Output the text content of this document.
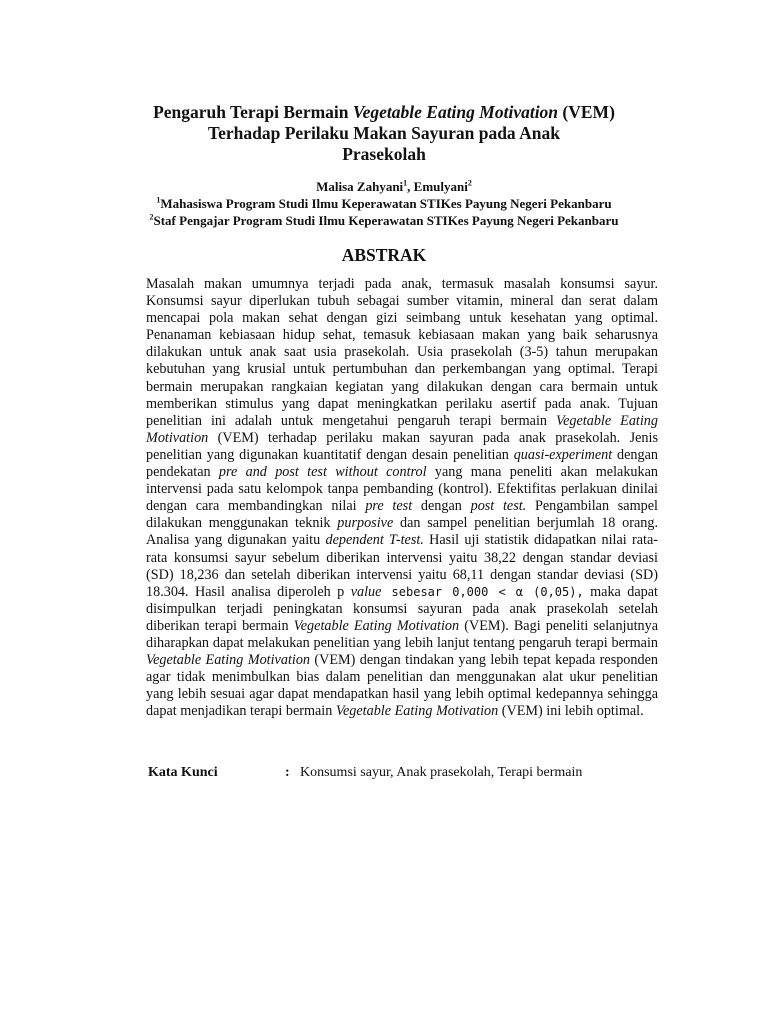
Pengaruh Terapi Bermain Vegetable Eating Motivation (VEM)
Terhadap Perilaku Makan Sayuran pada Anak
Prasekolah
Malisa Zahyani$^1$, Emulyani$^2$
$^1$Mahasiswa Program Studi Ilmu Keperawatan STIKes Payung Negeri Pekanbaru
$^2$Staf Pengajar Program Studi Ilmu Keperawatan STIKes Payung Negeri Pekanbaru
ABSTRAK

Masalah makan umumnya terjadi pada anak, termasuk masalah konsumsi sayur. Konsumsi sayur diperlukan tubuh sebagai sumber vitamin, mineral dan serat dalam mencapai pola makan sehat dengan gizi seimbang untuk kesehatan yang optimal. Penanaman kebiasaan hidup sehat, temasuk kebiasaan makan yang baik seharusnya dilakukan untuk anak saat usia prasekolah. Usia prasekolah (3-5) tahun merupakan kebutuhan yang krusial untuk pertumbuhan dan perkembangan yang optimal. Terapi bermain merupakan rangkaian kegiatan yang dilakukan dengan cara bermain untuk memberikan stimulus yang dapat meningkatkan perilaku asertif pada anak. Tujuan penelitian ini adalah untuk mengetahui pengaruh terapi bermain Vegetable Eating Motivation (VEM) terhadap perilaku makan sayuran pada anak prasekolah. Jenis penelitian yang digunakan kuantitatif dengan desain penelitian quasi-experiment dengan pendekatan pre and post test without control yang mana peneliti akan melakukan intervensi pada satu kelompok tanpa pembanding (kontrol). Efektifitas perlakuan dinilai dengan cara membandingkan nilai pre test dengan post test. Pengambilan sampel dilakukan menggunakan teknik purposive dan sampel penelitian berjumlah 18 orang. Analisa yang digunakan yaitu dependent T-test. Hasil uji statistik didapatkan nilai rata-rata konsumsi sayur sebelum diberikan intervensi yaitu 38,22 dengan standar deviasi (SD) 18,236 dan setelah diberikan intervensi yaitu 68,11 dengan standar deviasi (SD) 18.304. Hasil analisa diperoleh p value sebesar 0,000 < α (0,05), maka dapat disimpulkan terjadi peningkatan konsumsi sayuran pada anak prasekolah setelah diberikan terapi bermain Vegetable Eating Motivation (VEM). Bagi peneliti selanjutnya diharapkan dapat melakukan penelitian yang lebih lanjut tentang pengaruh terapi bermain Vegetable Eating Motivation (VEM) dengan tindakan yang lebih tepat kepada responden agar tidak menimbulkan bias dalam penelitian dan menggunakan alat ukur penelitian yang lebih sesuai agar dapat mendapatkan hasil yang lebih optimal kedepannya sehingga dapat menjadikan terapi bermain Vegetable Eating Motivation (VEM) ini lebih optimal.

Kata Kunci	: Konsumsi sayur, Anak prasekolah, Terapi bermain
